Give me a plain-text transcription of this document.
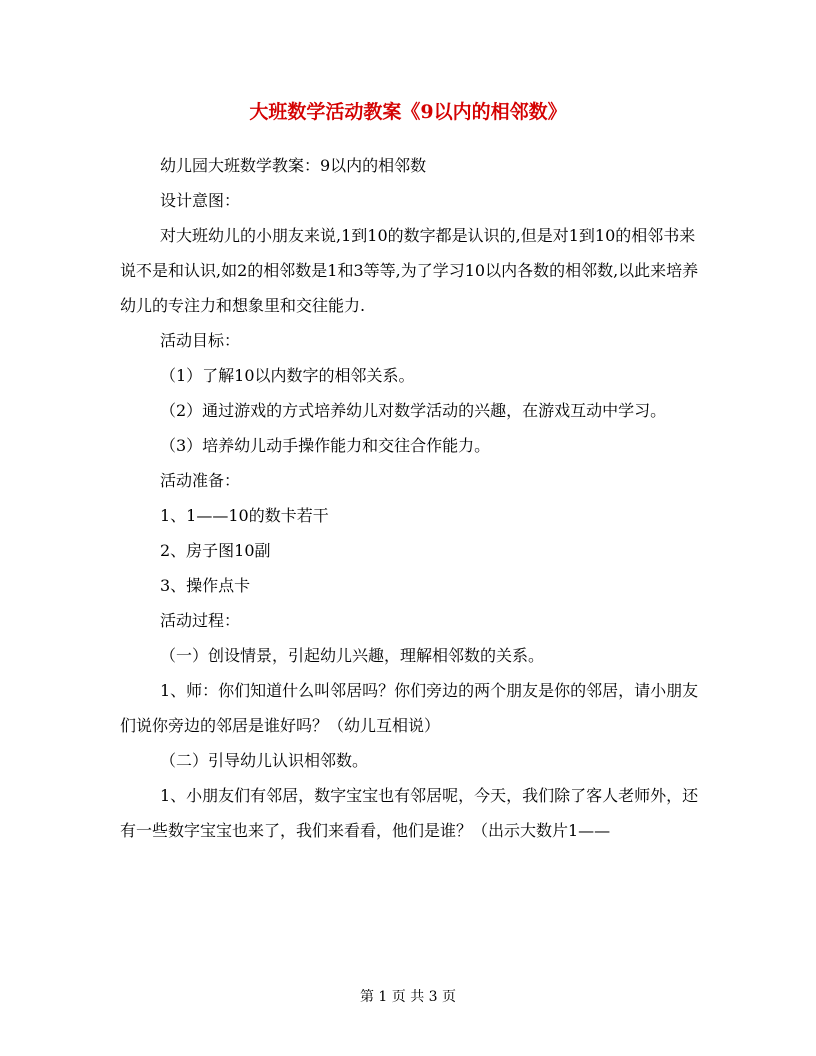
大班数学活动教案《9以内的相邻数》

幼儿园大班数学教案：9以内的相邻数

设计意图：

对大班幼儿的小朋友来说,1到10的数字都是认识的,但是对1到10的相邻书来说不是和认识,如2的相邻数是1和3等等,为了学习10以内各数的相邻数,以此来培养幼儿的专注力和想象里和交往能力.

活动目标：

（1）了解10以内数字的相邻关系。

（2）通过游戏的方式培养幼儿对数学活动的兴趣，在游戏互动中学习。

（3）培养幼儿动手操作能力和交往合作能力。

活动准备：

1、1——10的数卡若干

2、房子图10副

3、操作点卡

活动过程：

（一）创设情景，引起幼儿兴趣，理解相邻数的关系。

1、师：你们知道什么叫邻居吗？你们旁边的两个朋友是你的邻居，请小朋友们说你旁边的邻居是谁好吗？（幼儿互相说）

（二）引导幼儿认识相邻数。

1、小朋友们有邻居，数字宝宝也有邻居呢，今天，我们除了客人老师外，还有一些数字宝宝也来了，我们来看看，他们是谁？（出示大数片1——

第 1 页 共 3 页
